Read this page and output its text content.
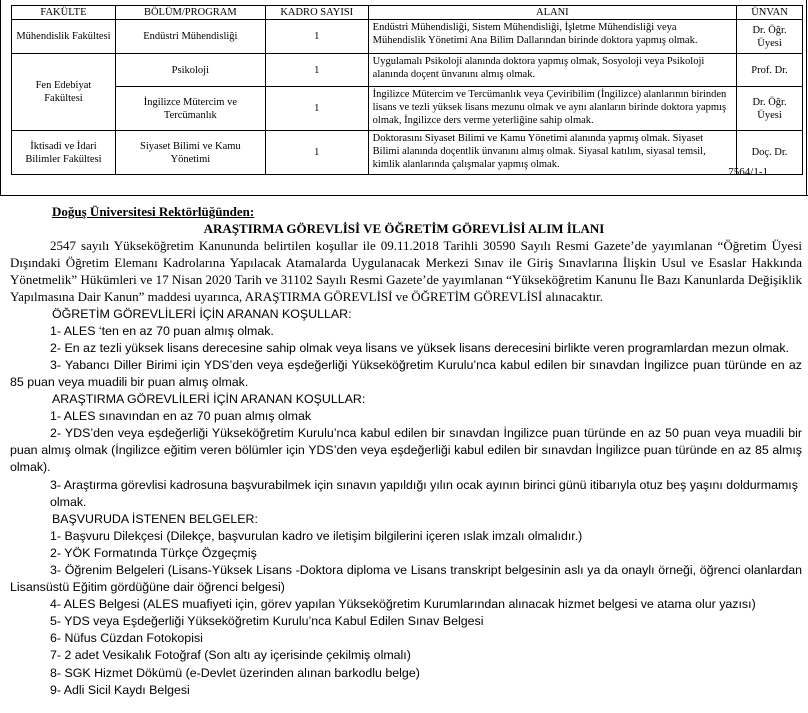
FAKÜLTE	BÖLÜM/PROGRAM	KADRO SAYISI	ALANI	ÜNVAN
Mühendislik Fakültesi	Endüstri Mühendisliği	1	Endüstri Mühendisliği, Sistem Mühendisliği, İşletme Mühendisliği veya Mühendislik Yönetimi Ana Bilim Dallarından birinde doktora yapmış olmak.	Dr. Öğr. Üyesi
Fen Edebiyat Fakültesi	Psikoloji	1	Uygulamalı Psikoloji alanında doktora yapmış olmak, Sosyoloji veya Psikoloji alanında doçent ünvanını almış olmak.	Prof. Dr.
	İngilizce Mütercim ve Tercümanlık	1	İngilizce Mütercim ve Tercümanlık veya Çeviribilim (İngilizce) alanlarının birinden lisans ve tezli yüksek lisans mezunu olmak ve aynı alanların birinde doktora yapmış olmak, İngilizce ders verme yeterliğine sahip olmak.	Dr. Öğr. Üyesi
İktisadi ve İdari Bilimler Fakültesi	Siyaset Bilimi ve Kamu Yönetimi	1	Doktorasını Siyaset Bilimi ve Kamu Yönetimi alanında yapmış olmak. Siyaset Bilimi alanında doçentlik ünvanını almış olmak. Siyasal katılım, siyasal temsil, kimlik alanlarında çalışmalar yapmış olmak.	Doç. Dr.
7564/1-1

Doğuş Üniversitesi Rektörlüğünden:

ARAŞTIRMA GÖREVLİSİ VE ÖĞRETİM GÖREVLİSİ ALIM İLANI

2547 sayılı Yükseköğretim Kanununda belirtilen koşullar ile 09.11.2018 Tarihli 30590 Sayılı Resmi Gazete’de yayımlanan “Öğretim Üyesi Dışındaki Öğretim Elemanı Kadrolarına Yapılacak Atamalarda Uygulanacak Merkezi Sınav ile Giriş Sınavlarına İlişkin Usul ve Esaslar Hakkında Yönetmelik” Hükümleri ve 17 Nisan 2020 Tarih ve 31102 Sayılı Resmi Gazete’de yayımlanan “Yükseköğretim Kanunu İle Bazı Kanunlarda Değişiklik Yapılmasına Dair Kanun” maddesi uyarınca, ARAŞTIRMA GÖREVLİSİ ve ÖĞRETİM GÖREVLİSİ alınacaktır.

ÖĞRETİM GÖREVLİLERİ İÇİN ARANAN KOŞULLAR:

1- ALES ‘ten en az 70 puan almış olmak.

2- En az tezli yüksek lisans derecesine sahip olmak veya lisans ve yüksek lisans derecesini birlikte veren programlardan mezun olmak.

3- Yabancı Diller Birimi için YDS’den veya eşdeğerliği Yükseköğretim Kurulu’nca kabul edilen bir sınavdan İngilizce puan türünde en az 85 puan veya muadili bir puan almış olmak.

ARAŞTIRMA GÖREVLİLERİ İÇİN ARANAN KOŞULLAR:

1- ALES sınavından en az 70 puan almış olmak

2- YDS’den veya eşdeğerliği Yükseköğretim Kurulu’nca kabul edilen bir sınavdan İngilizce puan türünde en az 50 puan veya muadili bir puan almış olmak (İngilizce eğitim veren bölümler için YDS’den veya eşdeğerliği kabul edilen bir sınavdan İngilizce puan türünde en az 85 almış olmak).

3- Araştırma görevlisi kadrosuna başvurabilmek için sınavın yapıldığı yılın ocak ayının birinci günü itibarıyla otuz beş yaşını doldurmamış olmak.

BAŞVURUDA İSTENEN BELGELER:

1- Başvuru Dilekçesi (Dilekçe, başvurulan kadro ve iletişim bilgilerini içeren ıslak imzalı olmalıdır.)

2- YÖK Formatında Türkçe Özgeçmiş

3- Öğrenim Belgeleri (Lisans-Yüksek Lisans -Doktora diploma ve Lisans transkript belgesinin aslı ya da onaylı örneği, öğrenci olanlardan Lisansüstü Eğitim gördüğüne dair öğrenci belgesi)

4- ALES Belgesi (ALES muafiyeti için, görev yapılan Yükseköğretim Kurumlarından alınacak hizmet belgesi ve atama olur yazısı)

5- YDS veya Eşdeğerliği Yükseköğretim Kurulu’nca Kabul Edilen Sınav Belgesi

6- Nüfus Cüzdan Fotokopisi

7- 2 adet Vesikalık Fotoğraf (Son altı ay içerisinde çekilmiş olmalı)

8- SGK Hizmet Dökümü (e-Devlet üzerinden alınan barkodlu belge)

9- Adli Sicil Kaydı Belgesi
